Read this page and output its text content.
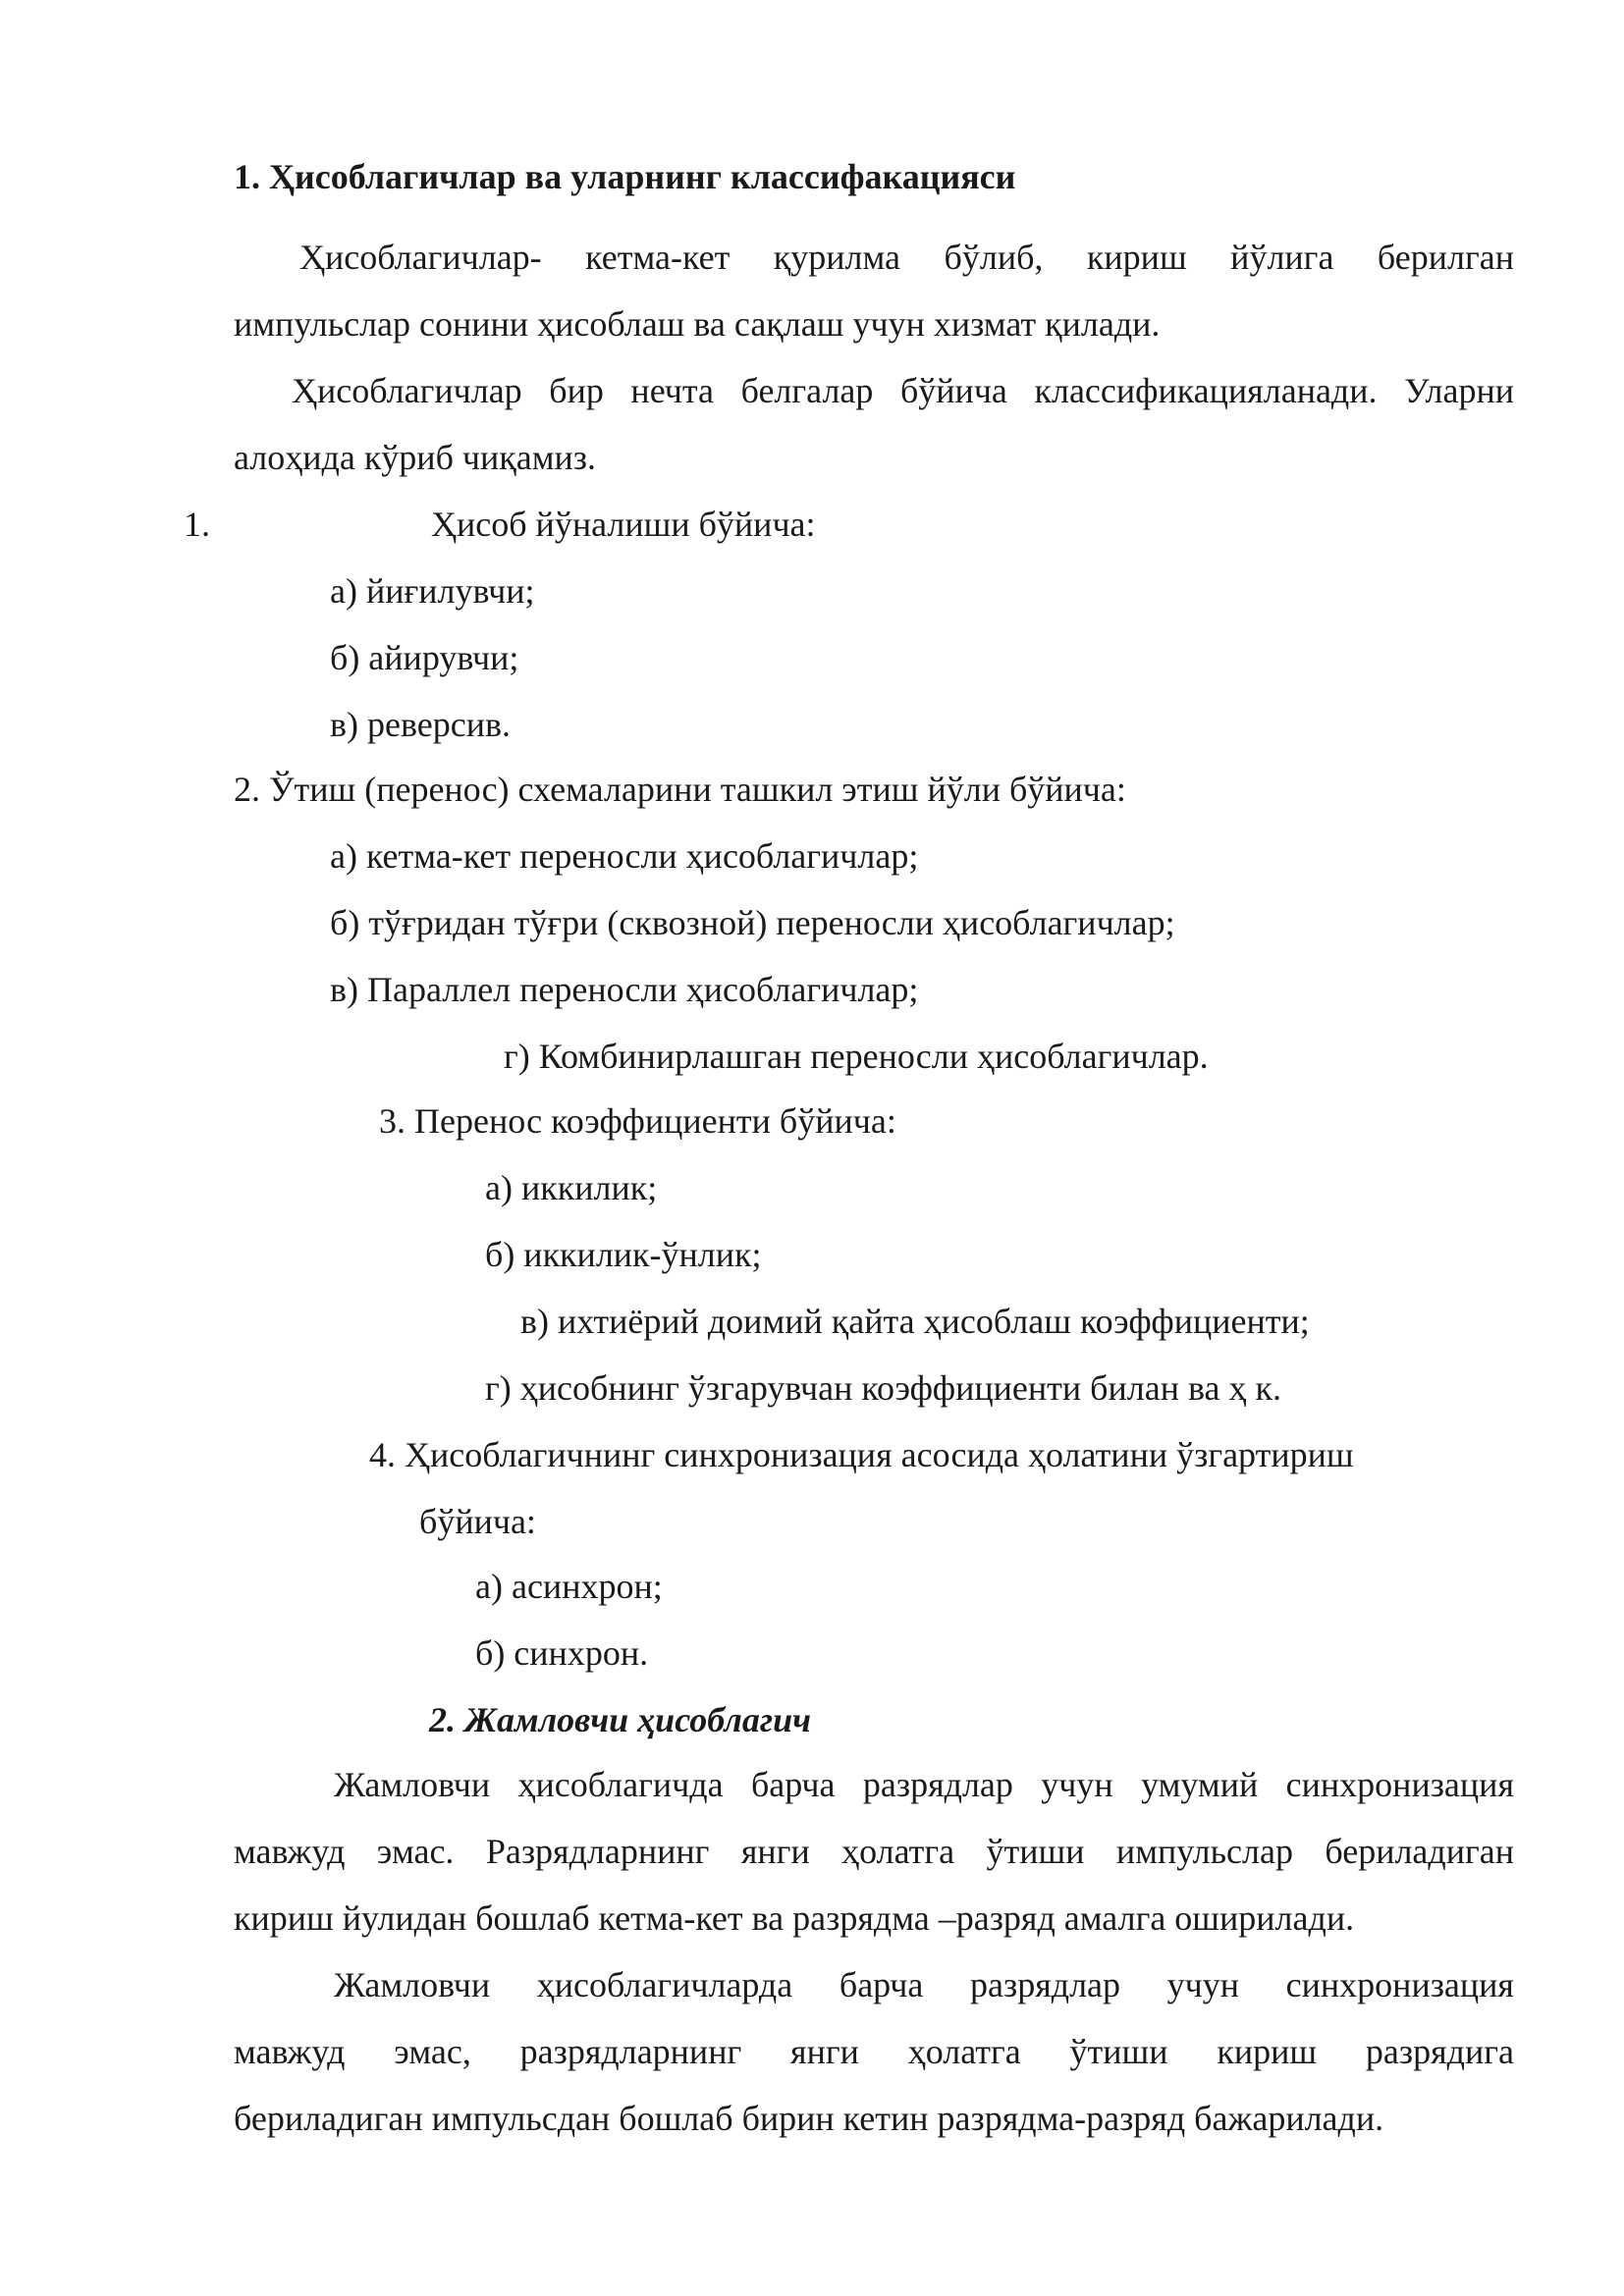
1. Ҳисоблагичлар ва уларнинг классифакацияси
Ҳисоблагичлар- кетма-кет қурилма бўлиб, кириш йўлига берилган
импульслар сонини ҳисоблаш ва сақлаш учун хизмат қилади.
Ҳисоблагичлар бир нечта белгалар бўйича классификацияланади. Уларни
алоҳида кўриб чиқамиз.
1.	Ҳисоб йўналиши бўйича:
а) йиғилувчи;
б) айирувчи;
в) реверсив.
2. Ўтиш (перенос) схемаларини ташкил этиш йўли бўйича:
а) кетма-кет переносли ҳисоблагичлар;
б) тўғридан тўғри (сквозной) переносли ҳисоблагичлар;
в) Параллел переносли ҳисоблагичлар;
г) Комбинирлашган переносли ҳисоблагичлар.
3. Перенос коэффициенти бўйича:
а) иккилик;
б) иккилик-ўнлик;
в) ихтиёрий доимий қайта ҳисоблаш коэффициенти;
г) ҳисобнинг ўзгарувчан коэффициенти билан ва ҳ к.
4. Ҳисоблагичнинг синхронизация асосида ҳолатини ўзгартириш
бўйича:
а) асинхрон;
б) синхрон.
2. Жамловчи ҳисоблагич
Жамловчи ҳисоблагичда барча разрядлар учун умумий синхронизация
мавжуд эмас. Разрядларнинг янги ҳолатга ўтиши импульслар бериладиган
кириш йулидан бошлаб кетма-кет ва разрядма –разряд амалга оширилади.
Жамловчи ҳисоблагичларда барча разрядлар учун синхронизация
мавжуд эмас, разрядларнинг янги ҳолатга ўтиши кириш разрядига
бериладиган импульсдан бошлаб бирин кетин разрядма-разряд бажарилади.
